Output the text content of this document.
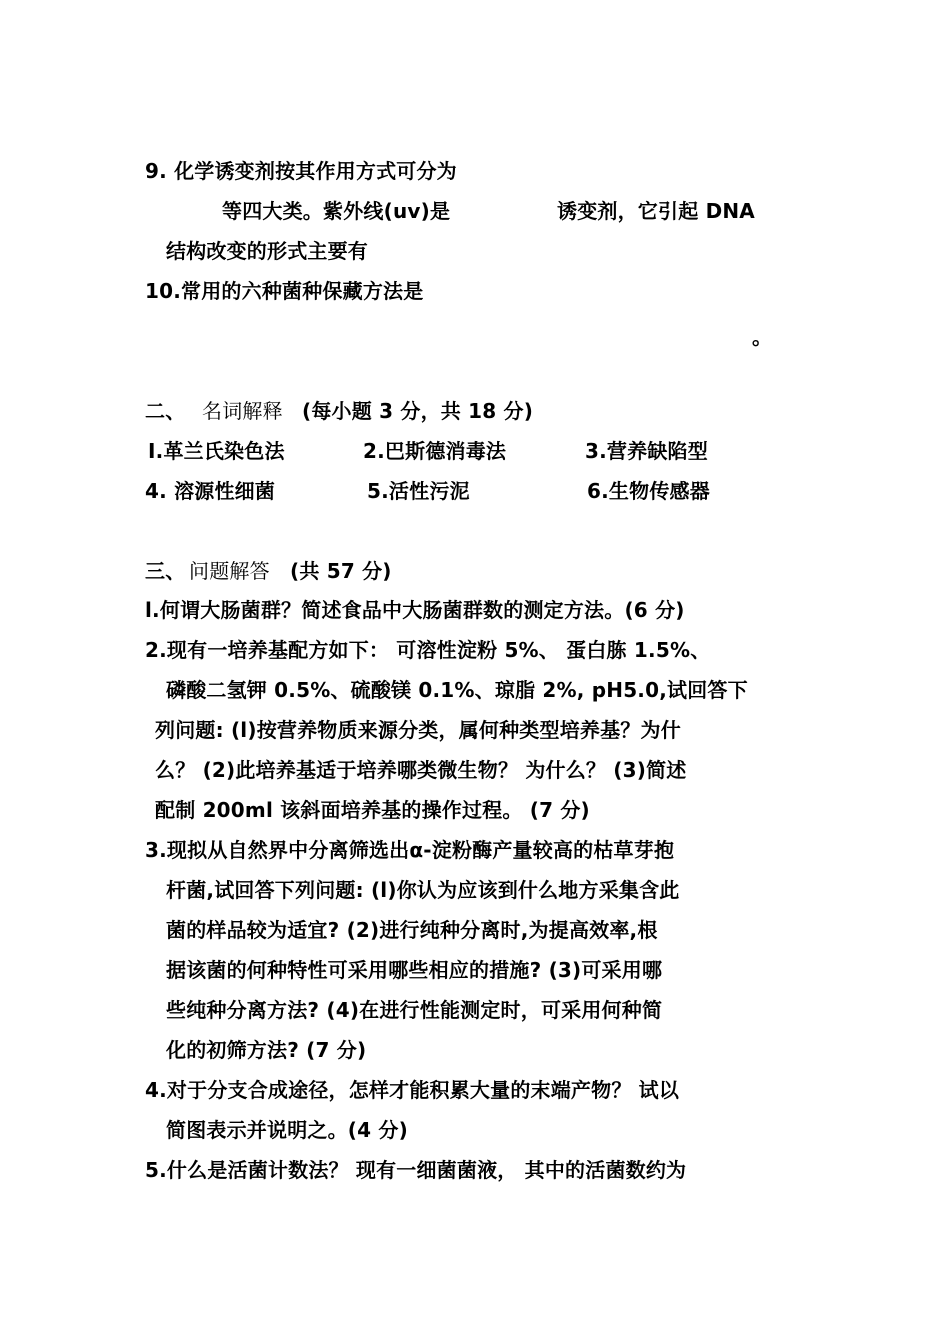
9. 化学诱变剂按其作用方式可分为
等四大类。紫外线(uv)是	诱变剂，它引起 DNA
结构改变的形式主要有
10.常用的六种菌种保藏方法是
。
二、 名词解释 (每小题 3 分，共 18 分)
Ⅰ.革兰氏染色法	2.巴斯德消毒法	3.营养缺陷型
4. 溶源性细菌	5.活性污泥	6.生物传感器
三、 问题解答 (共 57 分)
l.何谓大肠菌群？简述食品中大肠菌群数的测定方法。(6 分)
2.现有一培养基配方如下： 可溶性淀粉 5%、 蛋白胨 1.5%、
磷酸二氢钾 0.5%、硫酸镁 0.1%、琼脂 2%, pH5.0,试回答下
列问题: (l)按营养物质来源分类，属何种类型培养基？为什
么？ (2)此培养基适于培养哪类微生物？ 为什么？ (3)简述
配制 200ml 该斜面培养基的操作过程。 (7 分)
3.现拟从自然界中分离筛选出α-淀粉酶产量较高的枯草芽抱
杆菌,试回答下列问题: (l)你认为应该到什么地方采集含此
菌的样品较为适宜? (2)进行纯种分离时,为提高效率,根
据该菌的何种特性可采用哪些相应的措施? (3)可采用哪
些纯种分离方法? (4)在进行性能测定时，可采用何种简
化的初筛方法? (7 分)
4.对于分支合成途径，怎样才能积累大量的末端产物？ 试以
简图表示并说明之。(4 分)
5.什么是活菌计数法？ 现有一细菌菌液， 其中的活菌数约为
